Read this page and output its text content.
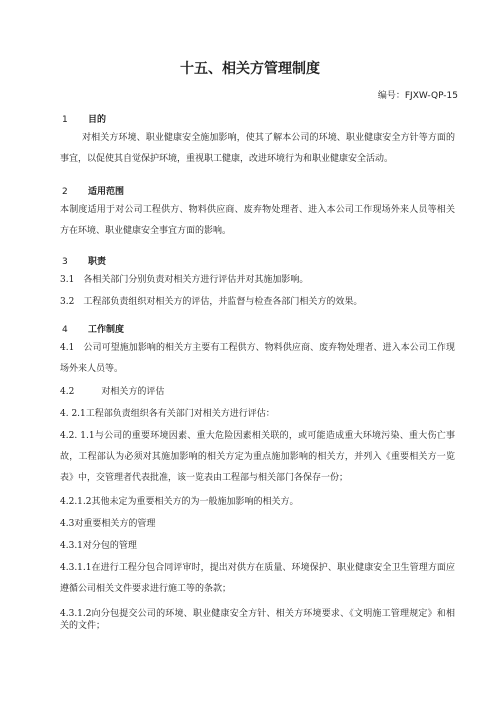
十五、相关方管理制度
编号：FJXW-QP-15
1 目的
对相关方环境、职业健康安全施加影响，使其了解本公司的环境、职业健康安全方针等方面的事宜，以促使其自觉保护环境，重视职工健康，改进环境行为和职业健康安全活动。
2 适用范围
本制度适用于对公司工程供方、物料供应商、废弃物处理者、进入本公司工作现场外来人员等相关方在环境、职业健康安全事宜方面的影响。
3 职责
3.1　各相关部门分别负责对相关方进行评估并对其施加影响。
3.2　工程部负责组织对相关方的评估，并监督与检查各部门相关方的效果。
4 工作制度
4.1　公司可望施加影响的相关方主要有工程供方、物料供应商、废弃物处理者、进入本公司工作现场外来人员等。
4.2　　　对相关方的评估
4. 2.1工程部负责组织各有关部门对相关方进行评估：
4.2. 1.1与公司的重要环境因素、重大危险因素相关联的，或可能造成重大环境污染、重大伤亡事故，工程部认为必须对其施加影响的相关方定为重点施加影响的相关方，并列入《重要相关方一览表》中，交管理者代表批准，该一览表由工程部与相关部门各保存一份；
4.2.1.2其他未定为重要相关方的为一般施加影响的相关方。
4.3对重要相关方的管理
4.3.1对分包的管理
4.3.1.1在进行工程分包合同评审时，提出对供方在质量、环境保护、职业健康安全卫生管理方面应遵循公司相关文件要求进行施工等的条款；
4.3.1.2向分包提交公司的环境、职业健康安全方针、相关方环境要求、《文明施工管理规定》和相关的文件；
